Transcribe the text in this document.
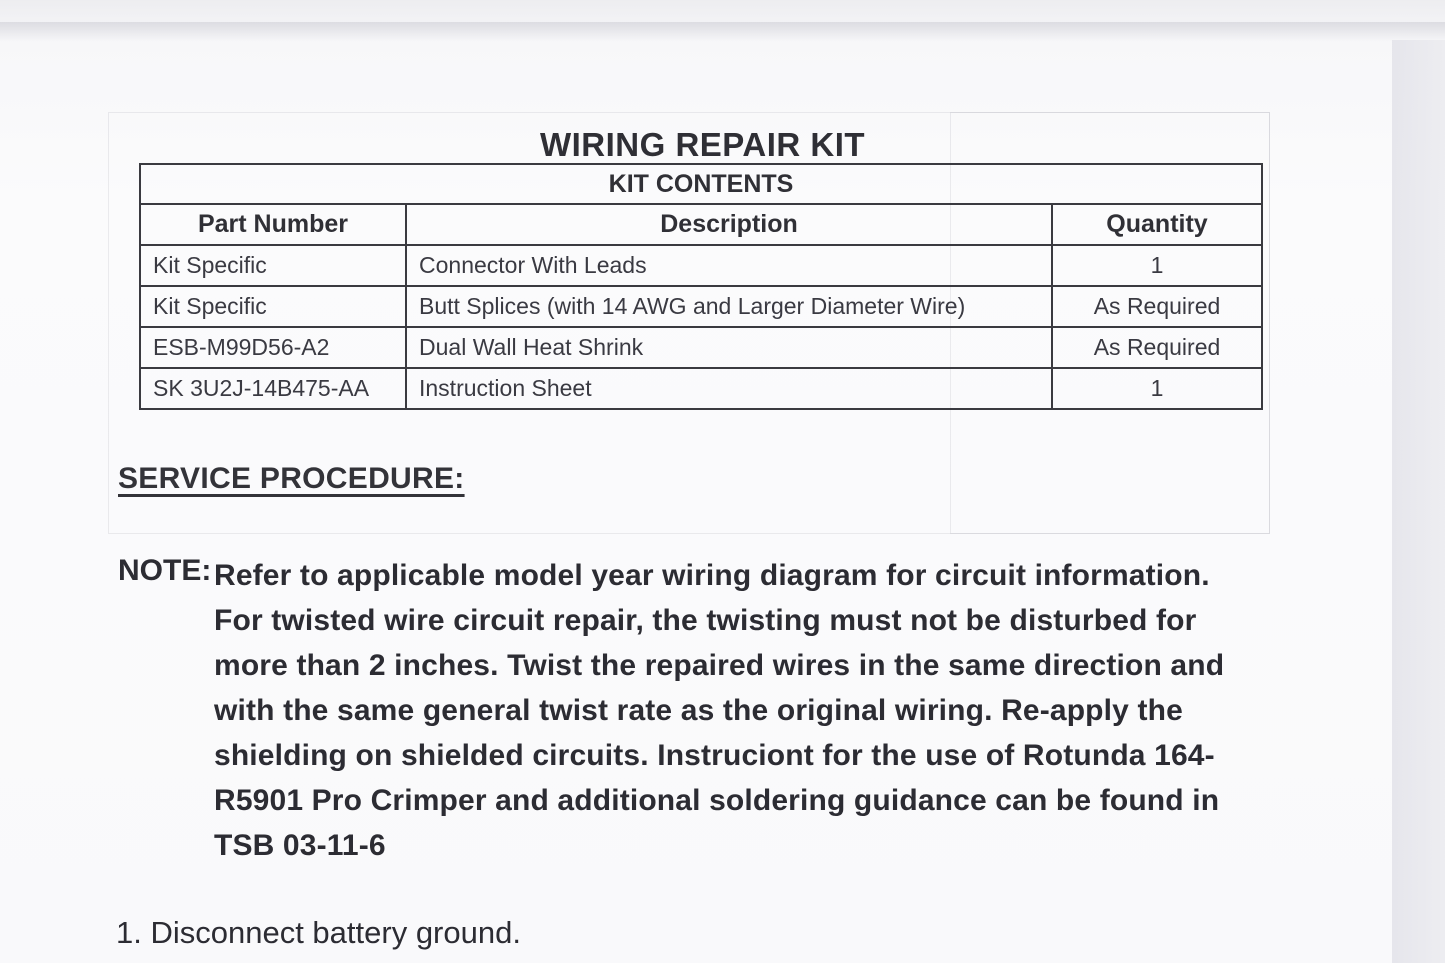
WIRING REPAIR KIT
KIT CONTENTS		
Part Number	Description	Quantity
Kit Specific	Connector With Leads	1
Kit Specific	Butt Splices (with 14 AWG and Larger Diameter Wire)	As Required
ESB-M99D56-A2	Dual Wall Heat Shrink	As Required
SK 3U2J-14B475-AA	Instruction Sheet	1
SERVICE PROCEDURE:
NOTE: Refer to applicable model year wiring diagram for circuit information.
For twisted wire circuit repair, the twisting must not be disturbed for
more than 2 inches. Twist the repaired wires in the same direction and
with the same general twist rate as the original wiring. Re-apply the
shielding on shielded circuits. Instruciont for the use of Rotunda 164-
R5901 Pro Crimper and additional soldering guidance can be found in
TSB 03-11-6
1. Disconnect battery ground.
